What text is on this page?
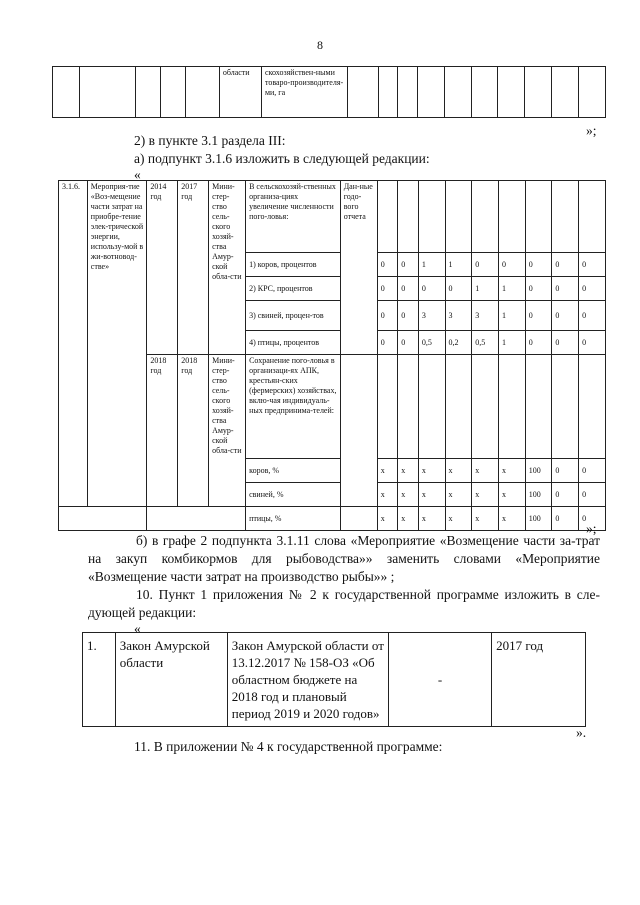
8
					области	скохозяйствен-ными товаро-производителя-ми, га										
»;
2) в пункте 3.1 раздела III:
а) подпункт 3.1.6 изложить в следующей редакции:
«
3.1.6.	Мероприя-тие «Воз-мещение части затрат на приобре-тение элек-трической энергии, использу-мой в жи-вотновод-стве»	2014 год	2017 год	Мини-стер-ство сель-ского хозяй-ства Амур-ской обла-сти	В сельскохозяй-ственных организа-циях увеличение численности пого-ловья:	Дан-ные годо-вого отчета									
					1) коров, процентов		0	0	1	1	0	0	0	0	0
					2) КРС, процентов		0	0	0	0	1	1	0	0	0
					3) свиней, процен-тов		0	0	3	3	3	1	0	0	0
					4) птицы, процентов		0	0	0,5	0,2	0,5	1	0	0	0
		2018 год	2018 год	Мини-стер-ство сель-ского хозяй-ства Амур-ской обла-сти	Сохранение пого-ловья в организаци-ях АПК, крестьян-ских (фермерских) хозяйствах, вклю-чая индивидуаль-ных предпринима-телей:										
					коров, %		x	x	x	x	x	x	100	0	0
					свиней, %		x	x	x	x	x	x	100	0	0
					птицы, %		x	x	x	x	x	x	100	0	0
»;
б) в графе 2 подпункта 3.1.11 слова «Мероприятие «Возмещение части за-трат на закуп комбикормов для рыбоводства»» заменить словами «Мероприятие «Возмещение части затрат на производство рыбы»» ;
10. Пункт 1 приложения № 2 к государственной программе изложить в сле-дующей редакции:
«
1.	Закон Амурской области	Закон Амурской области от 13.12.2017 № 158-ОЗ «Об областном бюджете на 2018 год и плановый период 2019 и 2020 годов»	-	2017 год
».
11. В приложении № 4 к государственной программе:
